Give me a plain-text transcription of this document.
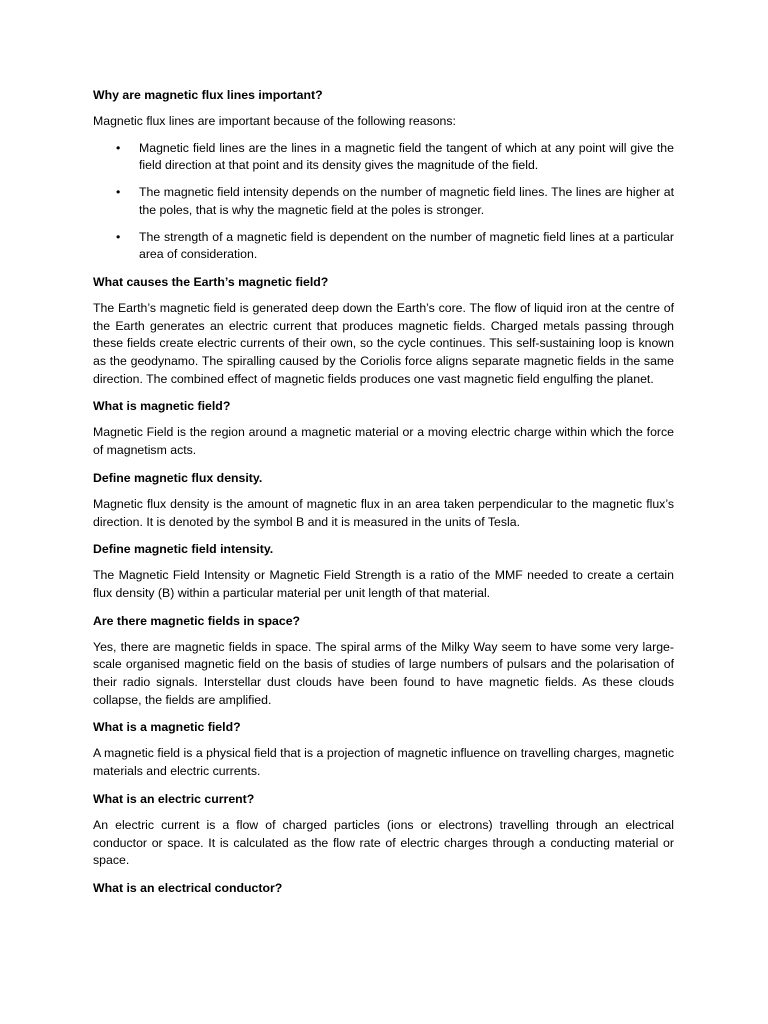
Why are magnetic flux lines important?
Magnetic flux lines are important because of the following reasons:
•	Magnetic field lines are the lines in a magnetic field the tangent of which at any point will give the field direction at that point and its density gives the magnitude of the field.
•	The magnetic field intensity depends on the number of magnetic field lines. The lines are higher at the poles, that is why the magnetic field at the poles is stronger.
•	The strength of a magnetic field is dependent on the number of magnetic field lines at a particular area of consideration.
What causes the Earth’s magnetic field?
The Earth’s magnetic field is generated deep down the Earth’s core. The flow of liquid iron at the centre of the Earth generates an electric current that produces magnetic fields. Charged metals passing through these fields create electric currents of their own, so the cycle continues. This self-sustaining loop is known as the geodynamo. The spiralling caused by the Coriolis force aligns separate magnetic fields in the same direction. The combined effect of magnetic fields produces one vast magnetic field engulfing the planet.
What is magnetic field?
Magnetic Field is the region around a magnetic material or a moving electric charge within which the force of magnetism acts.
Define magnetic flux density.
Magnetic flux density is the amount of magnetic flux in an area taken perpendicular to the magnetic flux’s direction. It is denoted by the symbol B and it is measured in the units of Tesla.
Define magnetic field intensity.
The Magnetic Field Intensity or Magnetic Field Strength is a ratio of the MMF needed to create a certain flux density (B) within a particular material per unit length of that material.
Are there magnetic fields in space?
Yes, there are magnetic fields in space. The spiral arms of the Milky Way seem to have some very large-scale organised magnetic field on the basis of studies of large numbers of pulsars and the polarisation of their radio signals. Interstellar dust clouds have been found to have magnetic fields. As these clouds collapse, the fields are amplified.
What is a magnetic field?
A magnetic field is a physical field that is a projection of magnetic influence on travelling charges, magnetic materials and electric currents.
What is an electric current?
An electric current is a flow of charged particles (ions or electrons) travelling through an electrical conductor or space. It is calculated as the flow rate of electric charges through a conducting material or space.
What is an electrical conductor?
